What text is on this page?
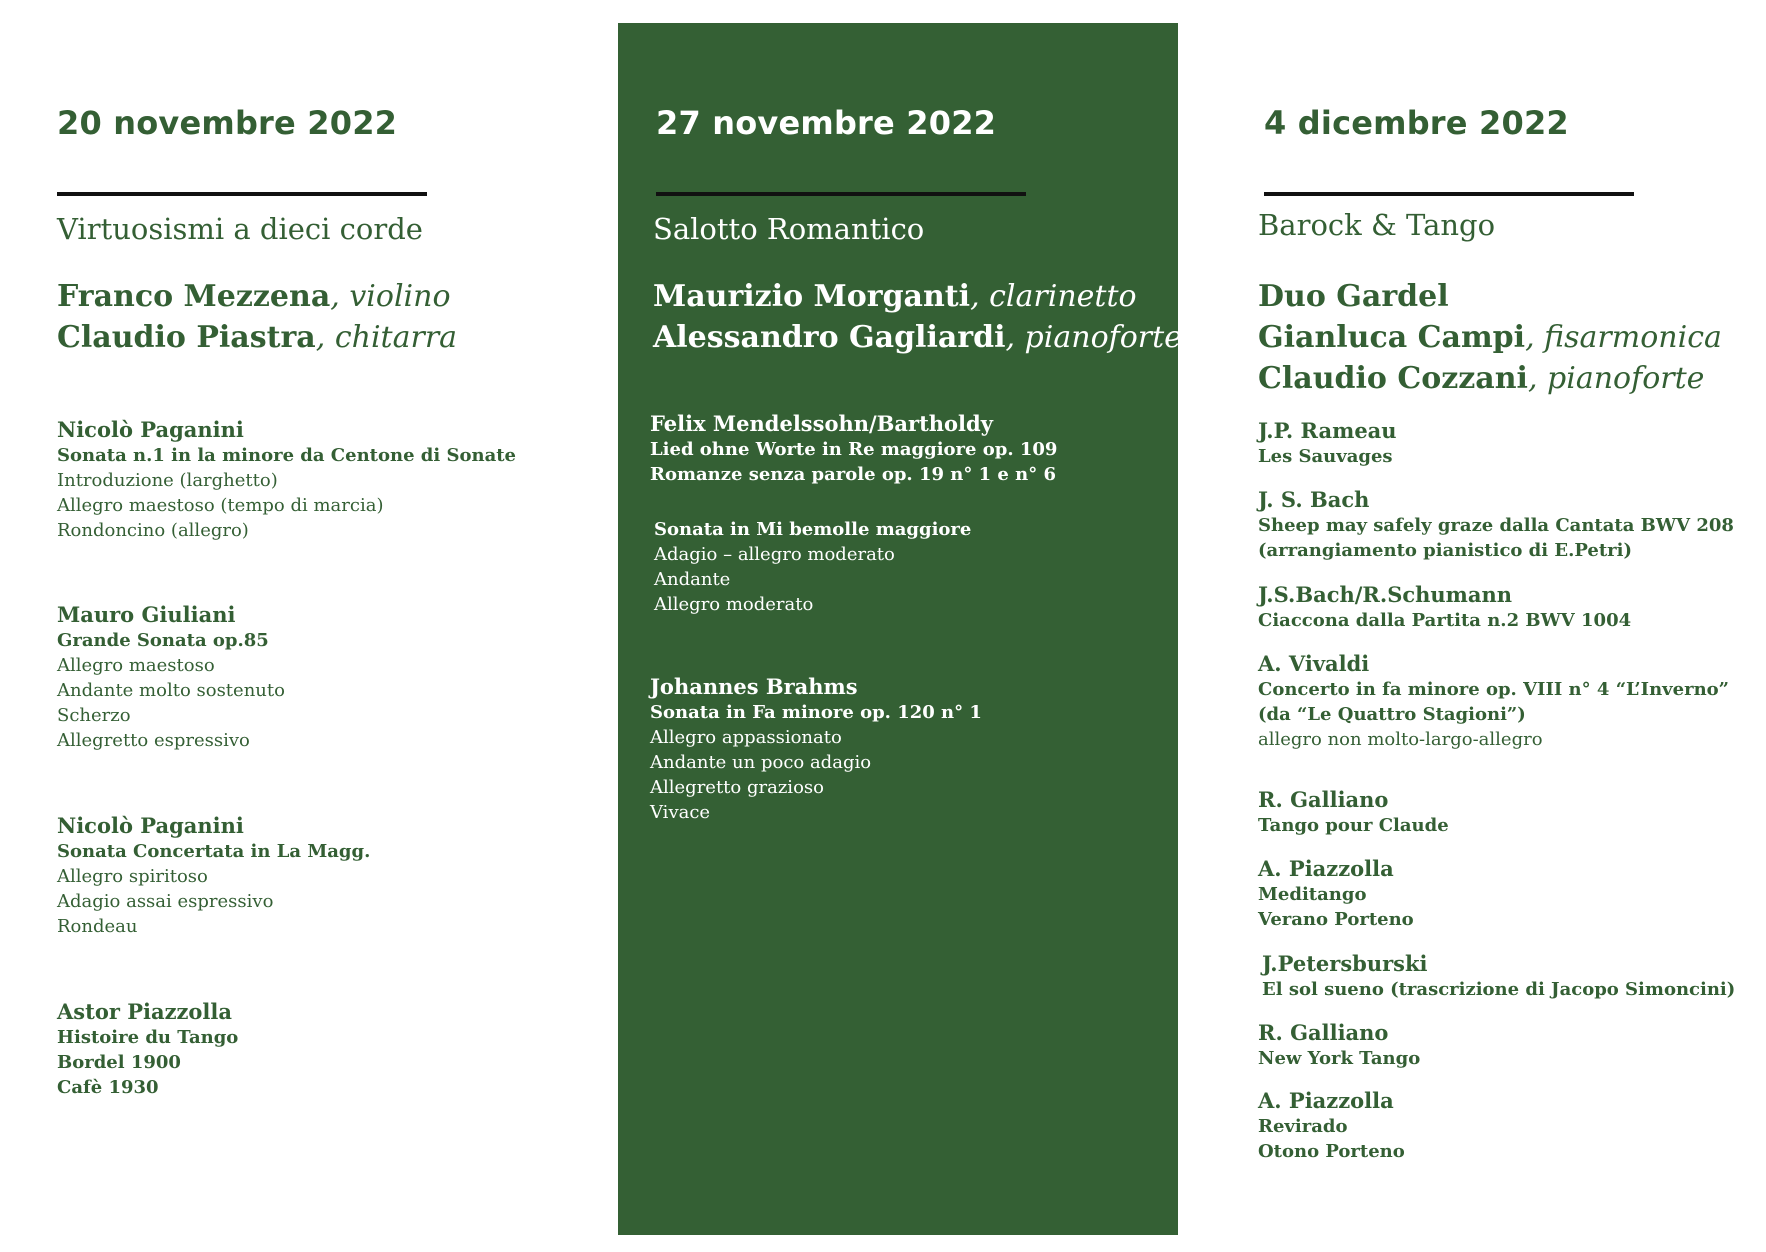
20 novembre 2022
Virtuosismi a dieci corde
Franco Mezzena, violino
Claudio Piastra, chitarra
Nicolò Paganini
Sonata n.1 in la minore da Centone di Sonate
Introduzione (larghetto)
Allegro maestoso (tempo di marcia)
Rondoncino (allegro)
Mauro Giuliani
Grande Sonata op.85
Allegro maestoso
Andante molto sostenuto
Scherzo
Allegretto espressivo
Nicolò Paganini
Sonata Concertata in La Magg.
Allegro spiritoso
Adagio assai espressivo
Rondeau
Astor Piazzolla
Histoire du Tango
Bordel 1900
Cafè 1930
27 novembre 2022
Salotto Romantico
Maurizio Morganti, clarinetto
Alessandro Gagliardi, pianoforte
Felix Mendelssohn/Bartholdy
Lied ohne Worte in Re maggiore op. 109
Romanze senza parole op. 19 n° 1 e n° 6
Sonata in Mi bemolle maggiore
Adagio – allegro moderato
Andante
Allegro moderato
Johannes Brahms
Sonata in Fa minore op. 120 n° 1
Allegro appassionato
Andante un poco adagio
Allegretto grazioso
Vivace
4 dicembre 2022
Barock & Tango
Duo Gardel
Gianluca Campi, fisarmonica
Claudio Cozzani, pianoforte
J.P. Rameau
Les Sauvages
J. S. Bach
Sheep may safely graze dalla Cantata BWV 208
(arrangiamento pianistico di E.Petri)
J.S.Bach/R.Schumann
Ciaccona dalla Partita n.2 BWV 1004
A. Vivaldi
Concerto in fa minore op. VIII n° 4 “L’Inverno”
(da “Le Quattro Stagioni”)
allegro non molto-largo-allegro
R. Galliano
Tango pour Claude
A. Piazzolla
Meditango
Verano Porteno
J.Petersburski
El sol sueno (trascrizione di Jacopo Simoncini)
R. Galliano
New York Tango
A. Piazzolla
Revirado
Otono Porteno
